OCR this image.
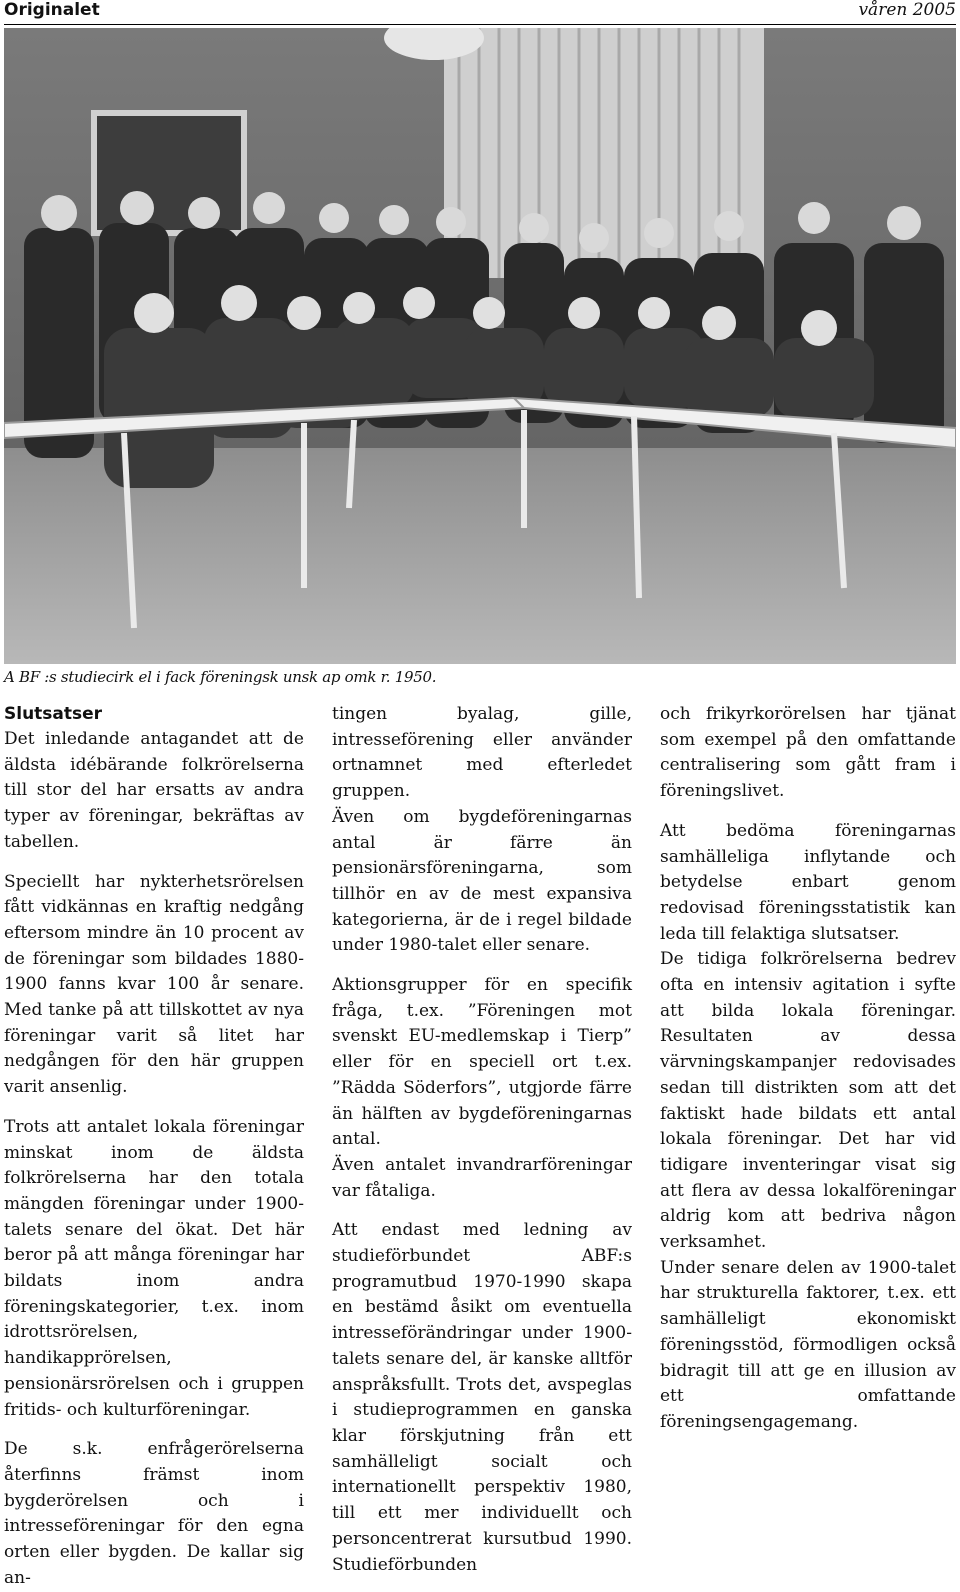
Originalet	våren 2005
A BF :s studiecirk el i fack föreningsk unsk ap omk r. 1950.

Slutsatser

Det inledande antagandet att de äldsta idébärande folkrörelserna till stor del har ersatts av andra typer av föreningar, bekräftas av tabellen.

Speciellt har nykterhetsrörelsen fått vidkännas en kraftig nedgång eftersom mindre än 10 procent av de föreningar som bildades 1880-1900 fanns kvar 100 år senare. Med tanke på att tillskottet av nya föreningar varit så litet har nedgången för den här gruppen varit ansenlig.

Trots att antalet lokala föreningar minskat inom de äldsta folkrörelserna har den totala mängden föreningar under 1900-talets senare del ökat. Det här beror på att många föreningar har bildats inom andra föreningskategorier, t.ex. inom idrottsrörelsen, handikapprörelsen, pensionärsrörelsen och i gruppen fritids- och kulturföreningar.

De s.k. enfrågerörelserna återfinns främst inom bygderörelsen och i intresseföreningar för den egna orten eller bygden. De kallar sig an-

tingen byalag, gille, intresseförening eller använder ortnamnet med efterledet gruppen.

Även om bygdeföreningarnas antal är färre än pensionärsföreningarna, som tillhör en av de mest expansiva kategorierna, är de i regel bildade under 1980-talet eller senare.

Aktionsgrupper för en specifik fråga, t.ex. ”Föreningen mot svenskt EU-medlemskap i Tierp” eller för en speciell ort t.ex. ”Rädda Söderfors”, utgjorde färre än hälften av bygdeföreningarnas antal.

Även antalet invandrarföreningar var fåtaliga.

Att endast med ledning av studieförbundet ABF:s programutbud 1970-1990 skapa en bestämd åsikt om eventuella intresseförändringar under 1900-talets senare del, är kanske alltför anspråksfullt. Trots det, avspeglas i studieprogrammen en ganska klar förskjutning från ett samhälleligt socialt och internationellt perspektiv 1980, till ett mer individuellt och personcentrerat kursutbud 1990. Studieförbunden

och frikyrkorörelsen har tjänat som exempel på den omfattande centralisering som gått fram i föreningslivet.

Att bedöma föreningarnas samhälleliga inflytande och betydelse enbart genom redovisad föreningsstatistik kan leda till felaktiga slutsatser.

De tidiga folkrörelserna bedrev ofta en intensiv agitation i syfte att bilda lokala föreningar. Resultaten av dessa värvningskampanjer redovisades sedan till distrikten som att det faktiskt hade bildats ett antal lokala föreningar. Det har vid tidigare inventeringar visat sig att flera av dessa lokalföreningar aldrig kom att bedriva någon verksamhet.

Under senare delen av 1900-talet har strukturella faktorer, t.ex. ett samhälleligt ekonomiskt föreningsstöd, förmodligen också bidragit till att ge en illusion av ett omfattande föreningsengagemang.
